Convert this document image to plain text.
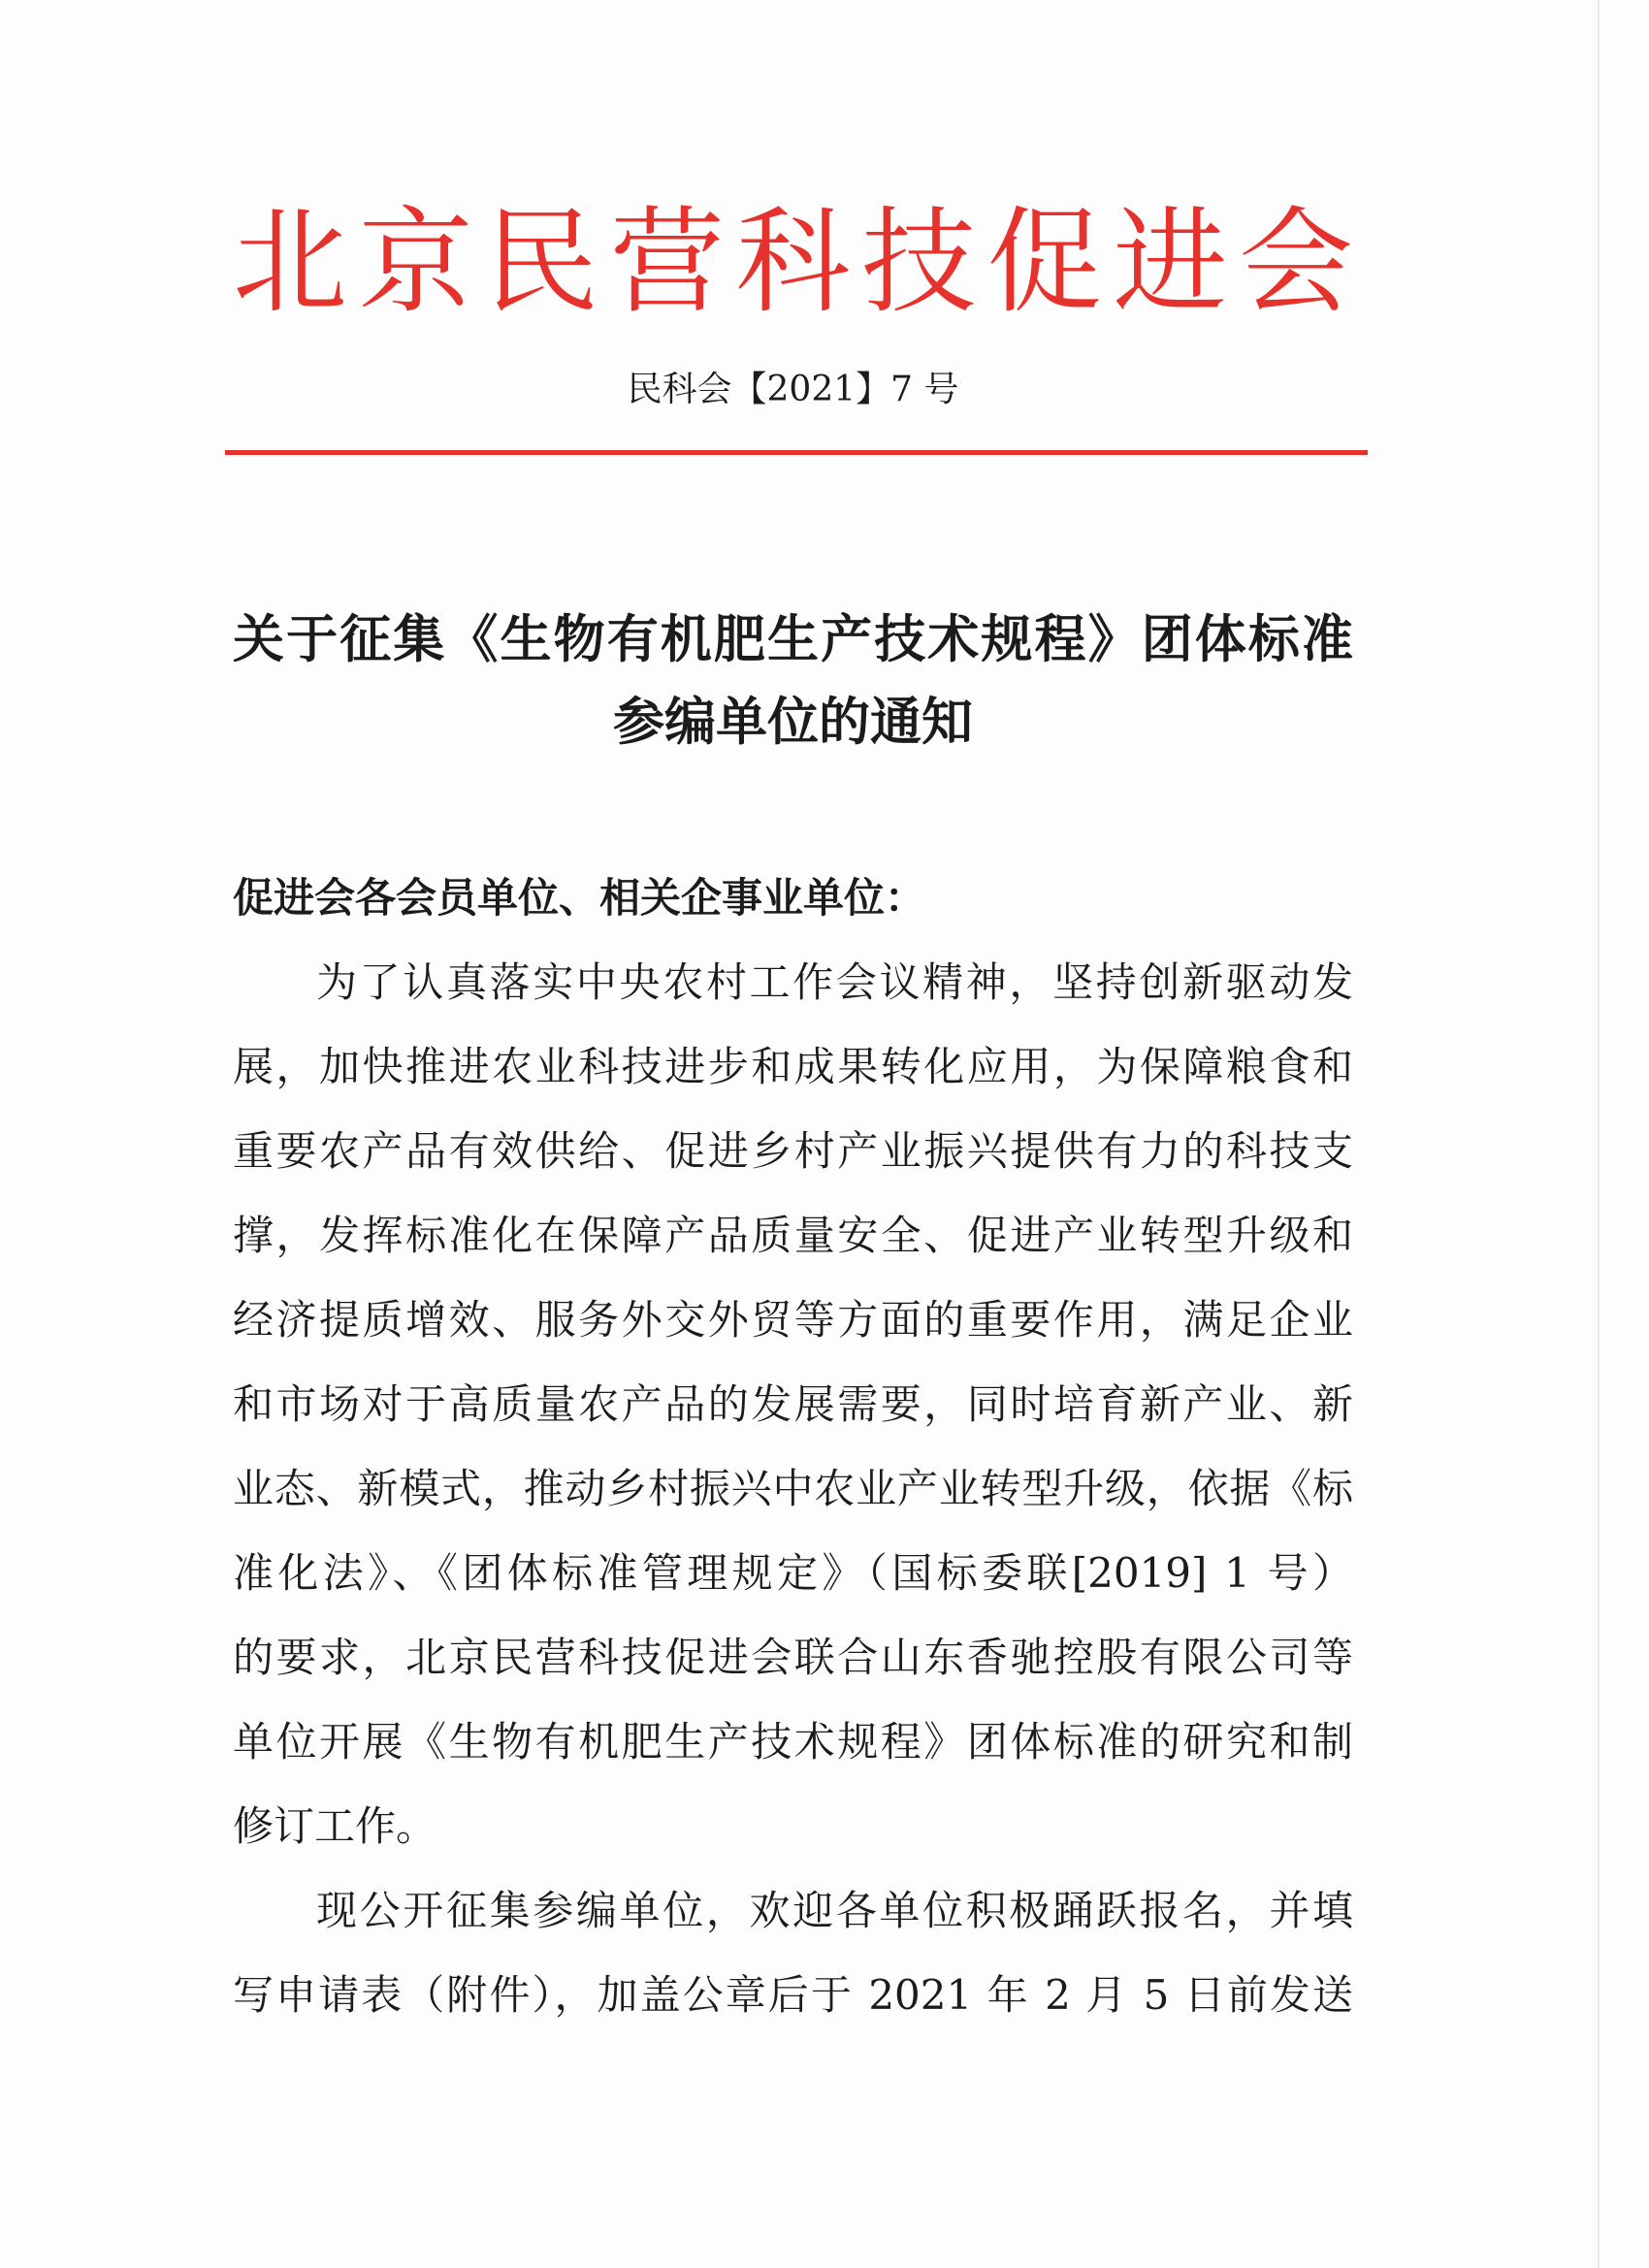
北京民营科技促进会
民科会【2021】7 号
关于征集《生物有机肥生产技术规程》团体标准
参编单位的通知
促进会各会员单位、相关企事业单位：
为了认真落实中央农村工作会议精神，坚持创新驱动发
展，加快推进农业科技进步和成果转化应用，为保障粮食和
重要农产品有效供给、促进乡村产业振兴提供有力的科技支
撑，发挥标准化在保障产品质量安全、促进产业转型升级和
经济提质增效、服务外交外贸等方面的重要作用，满足企业
和市场对于高质量农产品的发展需要，同时培育新产业、新
业态、新模式，推动乡村振兴中农业产业转型升级，依据《标
准化法》、《团体标准管理规定》（国标委联[2019] 1 号）
的要求，北京民营科技促进会联合山东香驰控股有限公司等
单位开展《生物有机肥生产技术规程》团体标准的研究和制
修订工作。
现公开征集参编单位，欢迎各单位积极踊跃报名，并填
写申请表（附件），加盖公章后于 2021 年 2 月 5 日前发送
